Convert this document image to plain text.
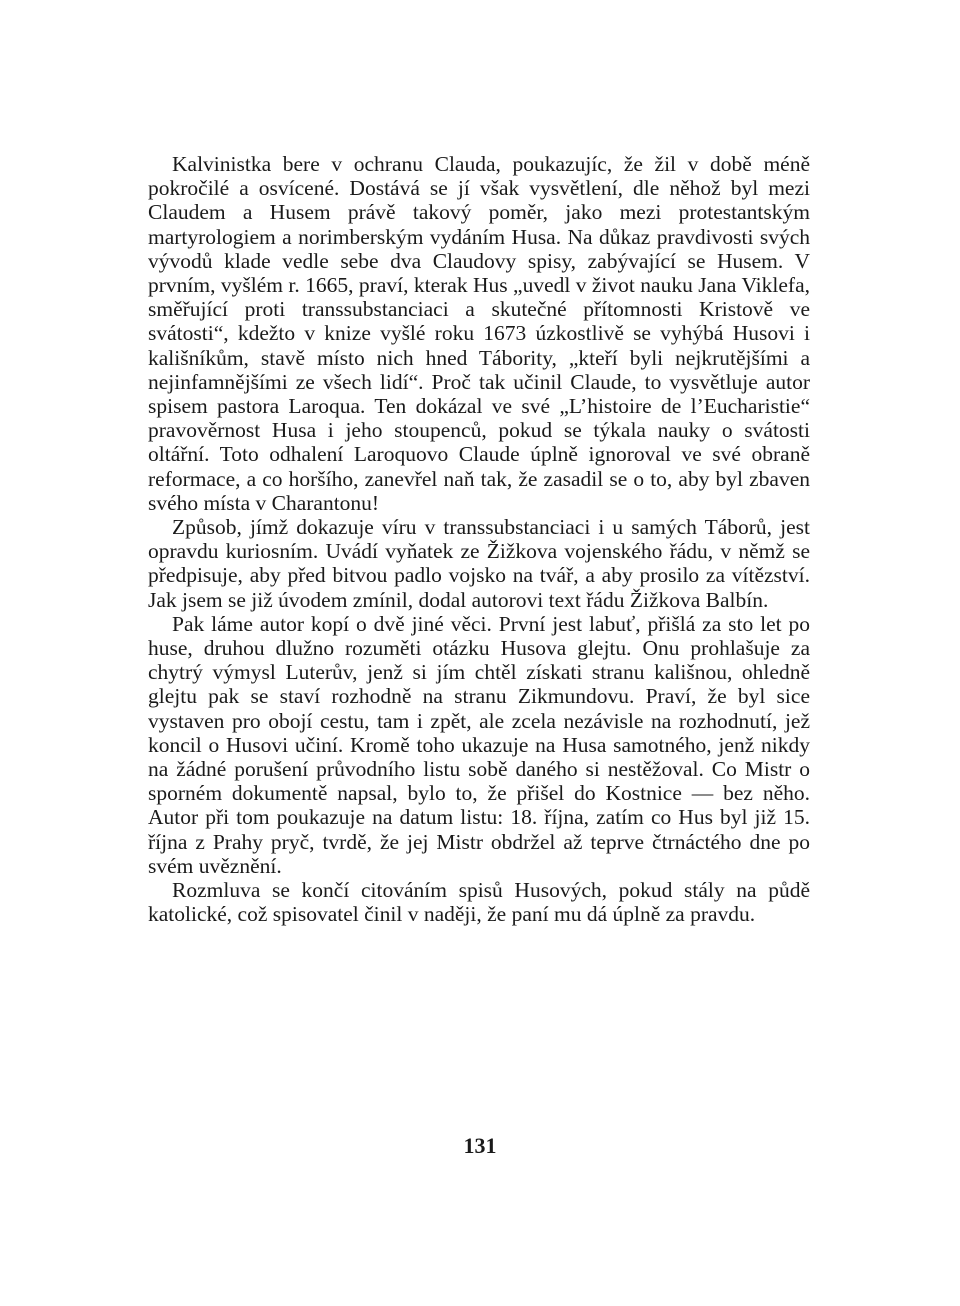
Kalvinistka bere v ochranu Clauda, poukazujíc, že žil v době méně pokročilé a osvícené. Dostává se jí však vysvětlení, dle něhož byl mezi Claudem a Husem právě takový poměr, jako mezi protestantským martyrologiem a norimberským vydáním Husa. Na důkaz pravdivosti svých vývodů klade vedle sebe dva Claudovy spisy, zabývající se Husem. V prvním, vyšlém r. 1665, praví, kterak Hus „uvedl v život nauku Jana Viklefa, směřující proti transsubstanciaci a skutečné přítomnosti Kristově ve svátosti“, kdežto v knize vyšlé roku 1673 úzkostlivě se vyhýbá Husovi i kališníkům, stavě místo nich hned Tábority, „kteří byli nejkrutějšími a nejinfamnějšími ze všech lidí“. Proč tak učinil Claude, to vysvětluje autor spisem pastora Laroqua. Ten dokázal ve své „L’histoire de l’Eucharistie“ pravověrnost Husa i jeho stoupenců, pokud se týkala nauky o svátosti oltářní. Toto odhalení Laroquovo Claude úplně ignoroval ve své obraně reformace, a co horšího, zanevřel naň tak, že zasadil se o to, aby byl zbaven svého místa v Charantonu!

Způsob, jímž dokazuje víru v transsubstanciaci i u samých Táborů, jest opravdu kuriosním. Uvádí vyňatek ze Žižkova vojenského řádu, v němž se předpisuje, aby před bitvou padlo vojsko na tvář, a aby prosilo za vítězství. Jak jsem se již úvodem zmínil, dodal autorovi text řádu Žižkova Balbín.

Pak láme autor kopí o dvě jiné věci. První jest labuť, přišlá za sto let po huse, druhou dlužno rozuměti otázku Husova glejtu. Onu prohlašuje za chytrý výmysl Luterův, jenž si jím chtěl získati stranu kališnou, ohledně glejtu pak se staví rozhodně na stranu Zikmundovu. Praví, že byl sice vystaven pro obojí cestu, tam i zpět, ale zcela nezávisle na rozhodnutí, jež koncil o Husovi učiní. Kromě toho ukazuje na Husa samotného, jenž nikdy na žádné porušení průvodního listu sobě daného si nestěžoval. Co Mistr o sporném dokumentě napsal, bylo to, že přišel do Kostnice — bez něho. Autor při tom poukazuje na datum listu: 18. října, zatím co Hus byl již 15. října z Prahy pryč, tvrdě, že jej Mistr obdržel až teprve čtrnáctého dne po svém uvěznění.

Rozmluva se končí citováním spisů Husových, pokud stály na půdě katolické, což spisovatel činil v naději, že paní mu dá úplně za pravdu.

131
